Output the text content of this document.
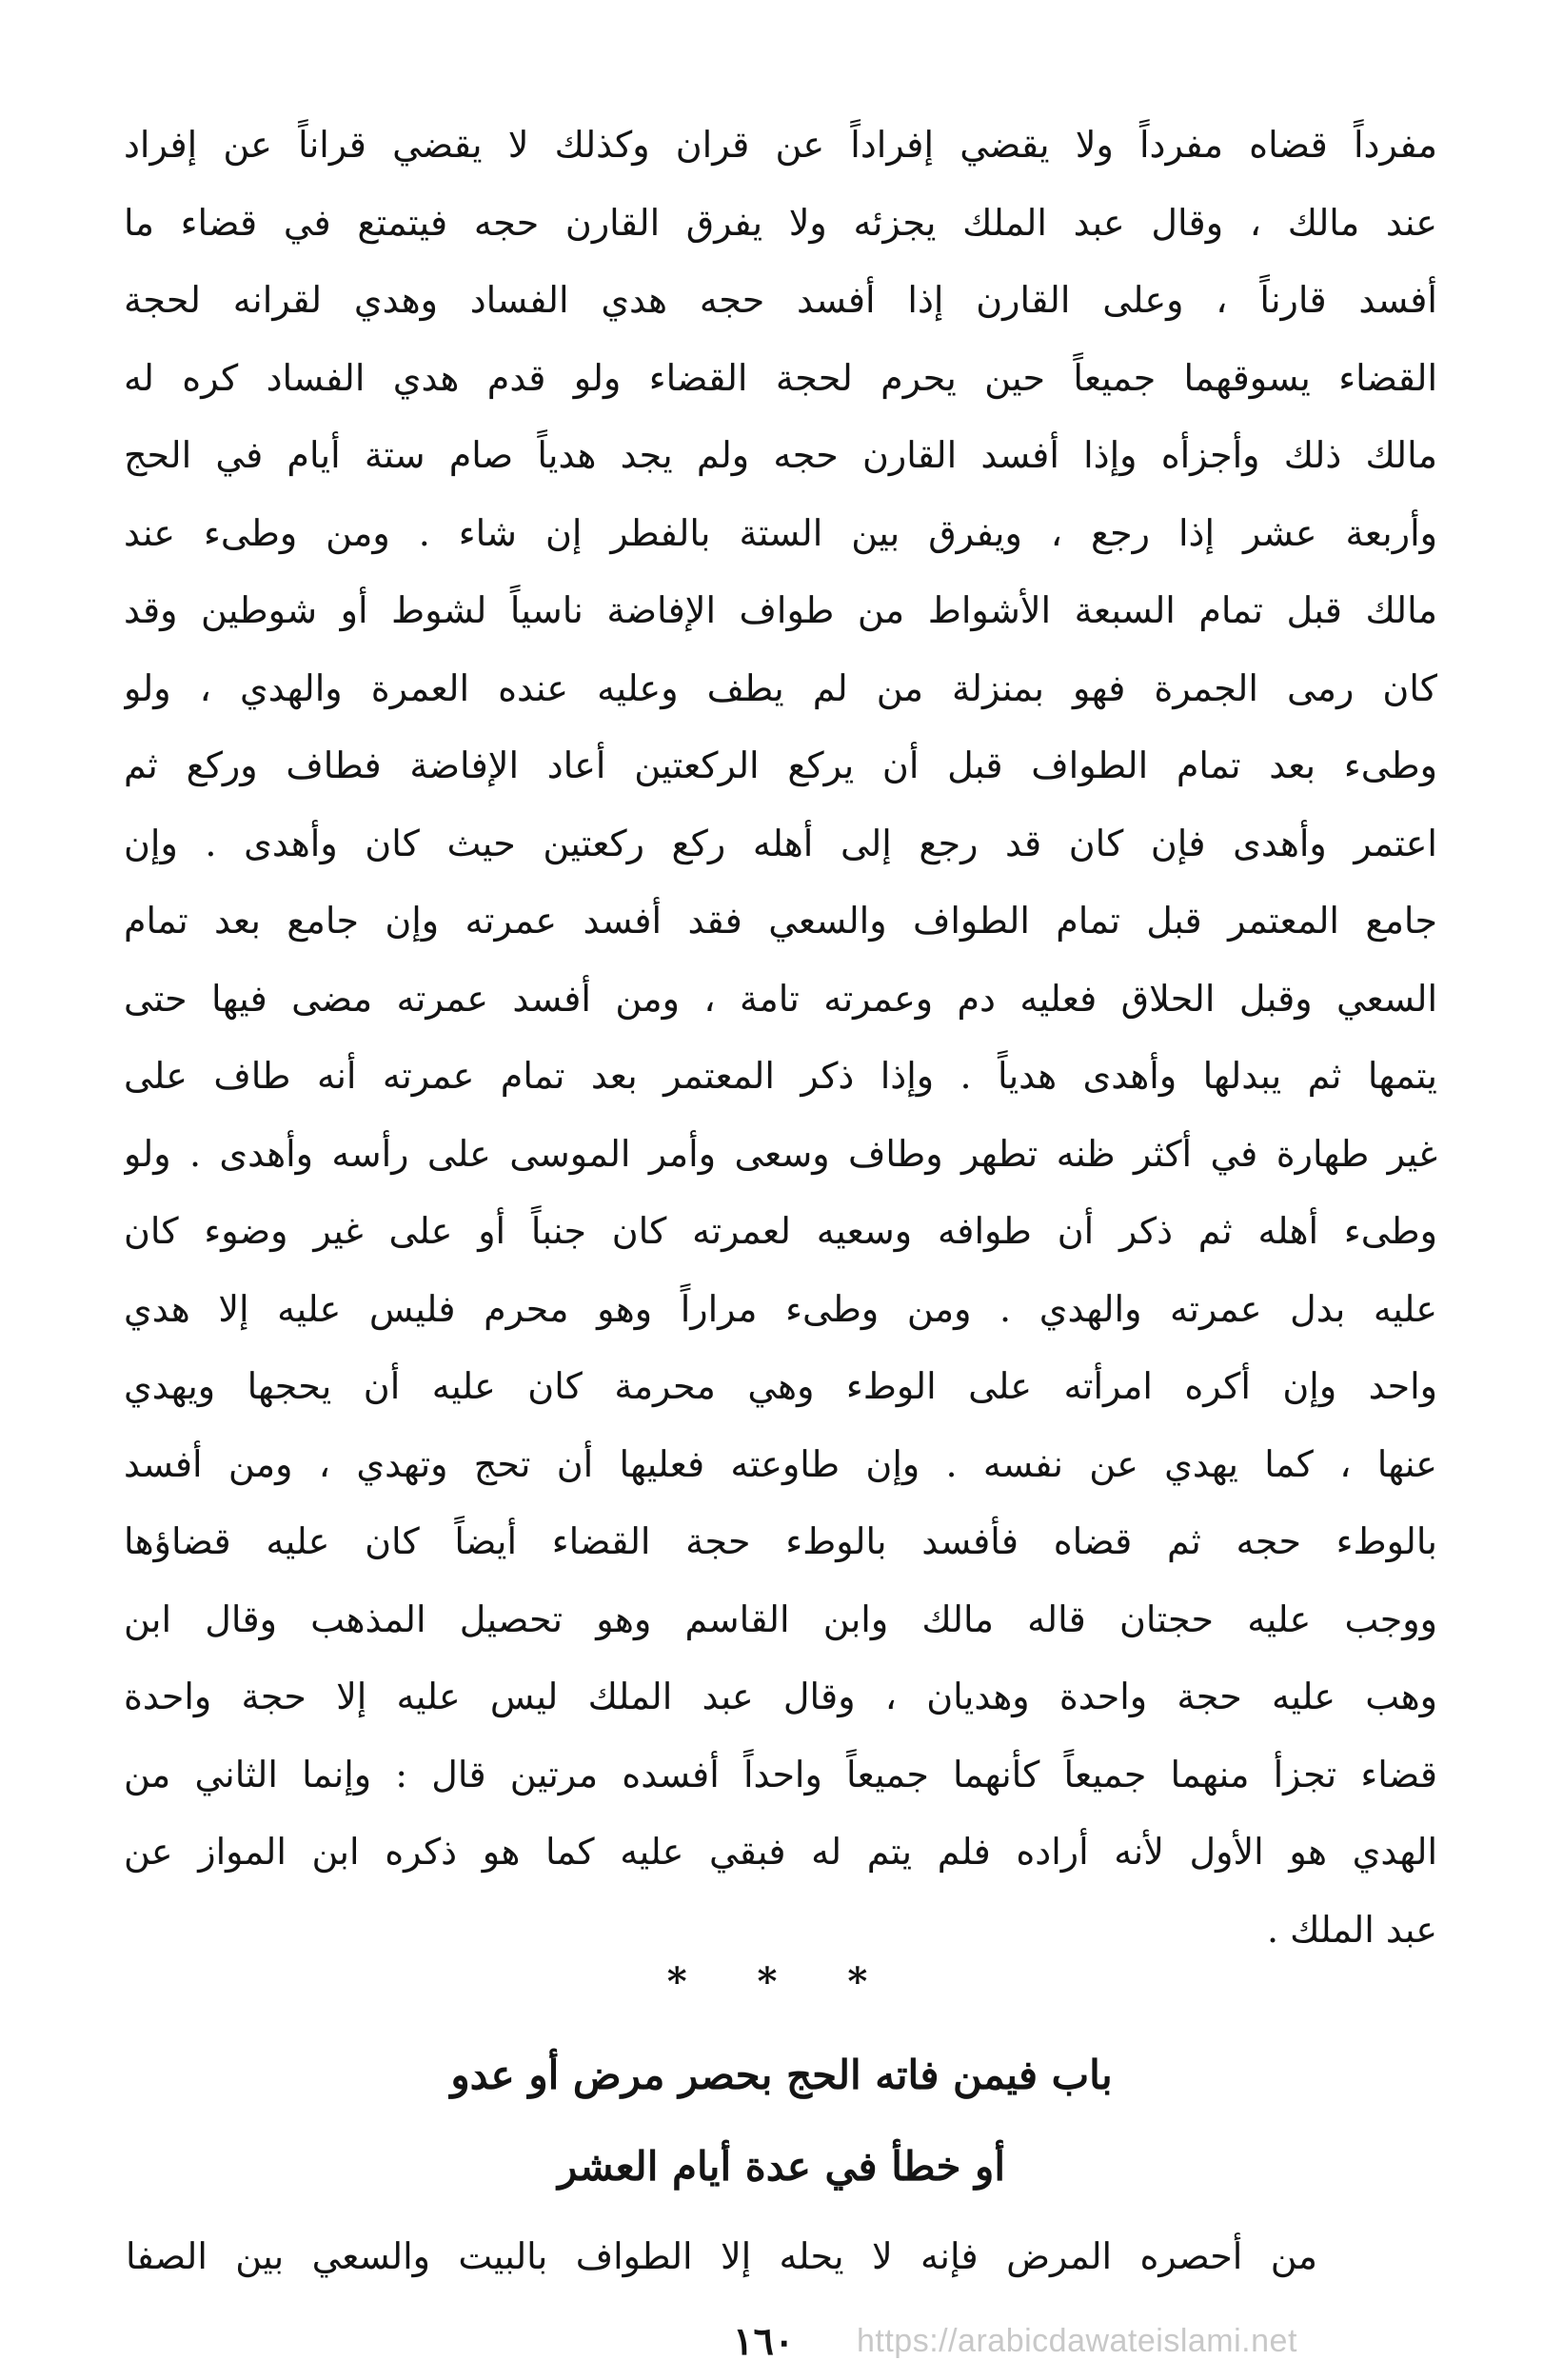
مفرداً قضاه مفرداً ولا يقضي إفراداً عن قران وكذلك لا يقضي قراناً عن إفراد
عند مالك ، وقال عبد الملك يجزئه ولا يفرق القارن حجه فيتمتع في قضاء ما
أفسد قارناً ، وعلى القارن إذا أفسد حجه هدي الفساد وهدي لقرانه لحجة
القضاء يسوقهما جميعاً حين يحرم لحجة القضاء ولو قدم هدي الفساد كره له
مالك ذلك وأجزأه وإذا أفسد القارن حجه ولم يجد هدياً صام ستة أيام في الحج
وأربعة عشر إذا رجع ، ويفرق بين الستة بالفطر إن شاء . ومن وطىء عند
مالك قبل تمام السبعة الأشواط من طواف الإفاضة ناسياً لشوط أو شوطين وقد
كان رمى الجمرة فهو بمنزلة من لم يطف وعليه عنده العمرة والهدي ، ولو
وطىء بعد تمام الطواف قبل أن يركع الركعتين أعاد الإفاضة فطاف وركع ثم
اعتمر وأهدى فإن كان قد رجع إلى أهله ركع ركعتين حيث كان وأهدى . وإن
جامع المعتمر قبل تمام الطواف والسعي فقد أفسد عمرته وإن جامع بعد تمام
السعي وقبل الحلاق فعليه دم وعمرته تامة ، ومن أفسد عمرته مضى فيها حتى
يتمها ثم يبدلها وأهدى هدياً . وإذا ذكر المعتمر بعد تمام عمرته أنه طاف على
غير طهارة في أكثر ظنه تطهر وطاف وسعى وأمر الموسى على رأسه وأهدى . ولو
وطىء أهله ثم ذكر أن طوافه وسعيه لعمرته كان جنباً أو على غير وضوء كان
عليه بدل عمرته والهدي . ومن وطىء مراراً وهو محرم فليس عليه إلا هدي
واحد وإن أكره امرأته على الوطء وهي محرمة كان عليه أن يحجها ويهدي
عنها ، كما يهدي عن نفسه . وإن طاوعته فعليها أن تحج وتهدي ، ومن أفسد
بالوطء حجه ثم قضاه فأفسد بالوطء حجة القضاء أيضاً كان عليه قضاؤها
ووجب عليه حجتان قاله مالك وابن القاسم وهو تحصيل المذهب وقال ابن
وهب عليه حجة واحدة وهديان ، وقال عبد الملك ليس عليه إلا حجة واحدة
قضاء تجزأ منهما جميعاً كأنهما جميعاً واحداً أفسده مرتين قال : وإنما الثاني من
الهدي هو الأول لأنه أراده فلم يتم له فبقي عليه كما هو ذكره ابن المواز عن
عبد الملك .
* * *
باب فيمن فاته الحج بحصر مرض أو عدو
أو خطأ في عدة أيام العشر
من أحصره المرض فإنه لا يحله إلا الطواف بالبيت والسعي بين الصفا
https://arabicdawateislami.net
١٦٠
